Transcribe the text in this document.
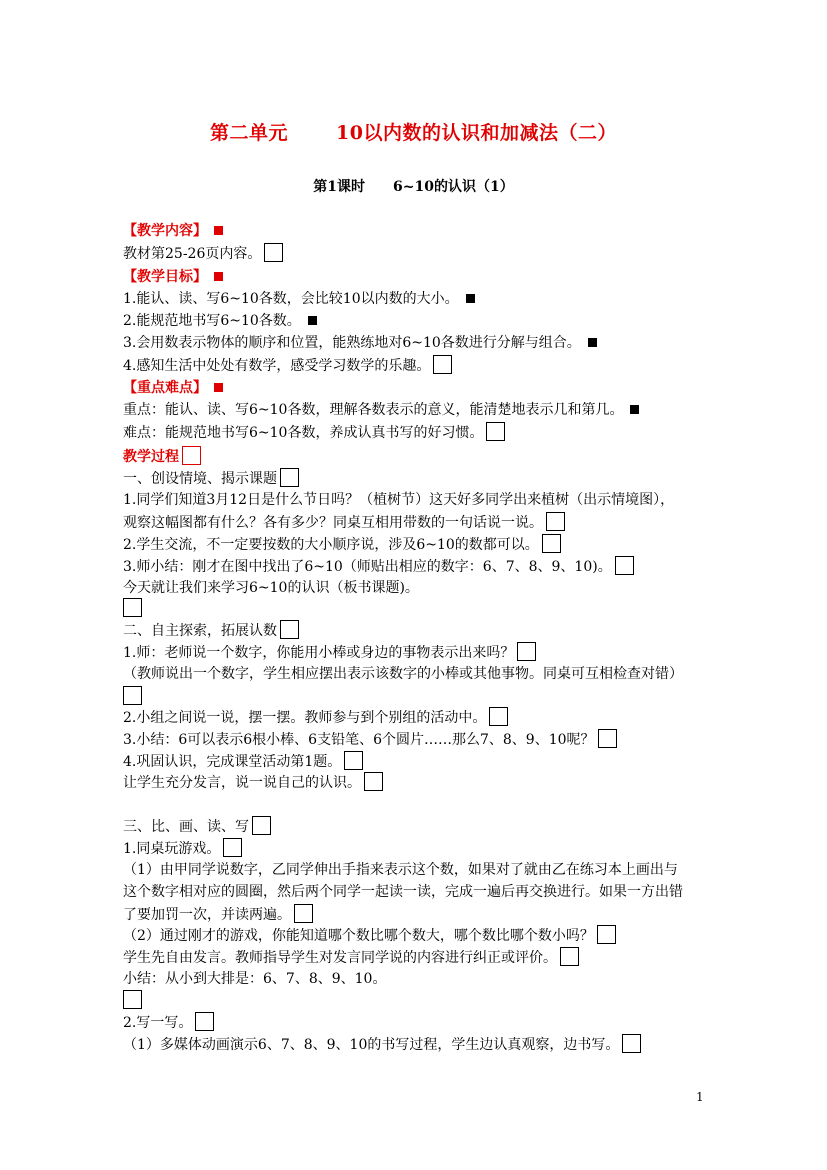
第二单元	10以内数的认识和加减法（二）
第1课时 6~10的认识（1）
【教学内容】
教材第25-26页内容。
【教学目标】
1.能认、读、写6~10各数，会比较10以内数的大小。
2.能规范地书写6~10各数。
3.会用数表示物体的顺序和位置，能熟练地对6~10各数进行分解与组合。
4.感知生活中处处有数学，感受学习数学的乐趣。
【重点难点】
重点：能认、读、写6~10各数，理解各数表示的意义，能清楚地表示几和第几。
难点：能规范地书写6~10各数，养成认真书写的好习惯。
教学过程
一、创设情境、揭示课题
1.同学们知道3月12日是什么节日吗？（植树节）这天好多同学出来植树（出示情境图），
观察这幅图都有什么？各有多少？同桌互相用带数的一句话说一说。
2.学生交流，不一定要按数的大小顺序说，涉及6~10的数都可以。
3.师小结：刚才在图中找出了6~10（师贴出相应的数字：6、7、8、9、10)。
今天就让我们来学习6~10的认识（板书课题)。
二、自主探索，拓展认数
1.师：老师说一个数字，你能用小棒或身边的事物表示出来吗？
（教师说出一个数字，学生相应摆出表示该数字的小棒或其他事物。同桌可互相检查对错）
2.小组之间说一说，摆一摆。教师参与到个别组的活动中。
3.小结：6可以表示6根小棒、6支铅笔、6个圆片……那么7、8、9、10呢？
4.巩固认识，完成课堂活动第1题。
让学生充分发言，说一说自己的认识。
三、比、画、读、写
1.同桌玩游戏。
（1）由甲同学说数字，乙同学伸出手指来表示这个数，如果对了就由乙在练习本上画出与
这个数字相对应的圆圈，然后两个同学一起读一读，完成一遍后再交换进行。如果一方出错
了要加罚一次，并读两遍。
（2）通过刚才的游戏，你能知道哪个数比哪个数大，哪个数比哪个数小吗？
学生先自由发言。教师指导学生对发言同学说的内容进行纠正或评价。
小结：从小到大排是：6、7、8、9、10。
2.写一写。
（1）多媒体动画演示6、7、8、9、10的书写过程，学生边认真观察，边书写。
1
